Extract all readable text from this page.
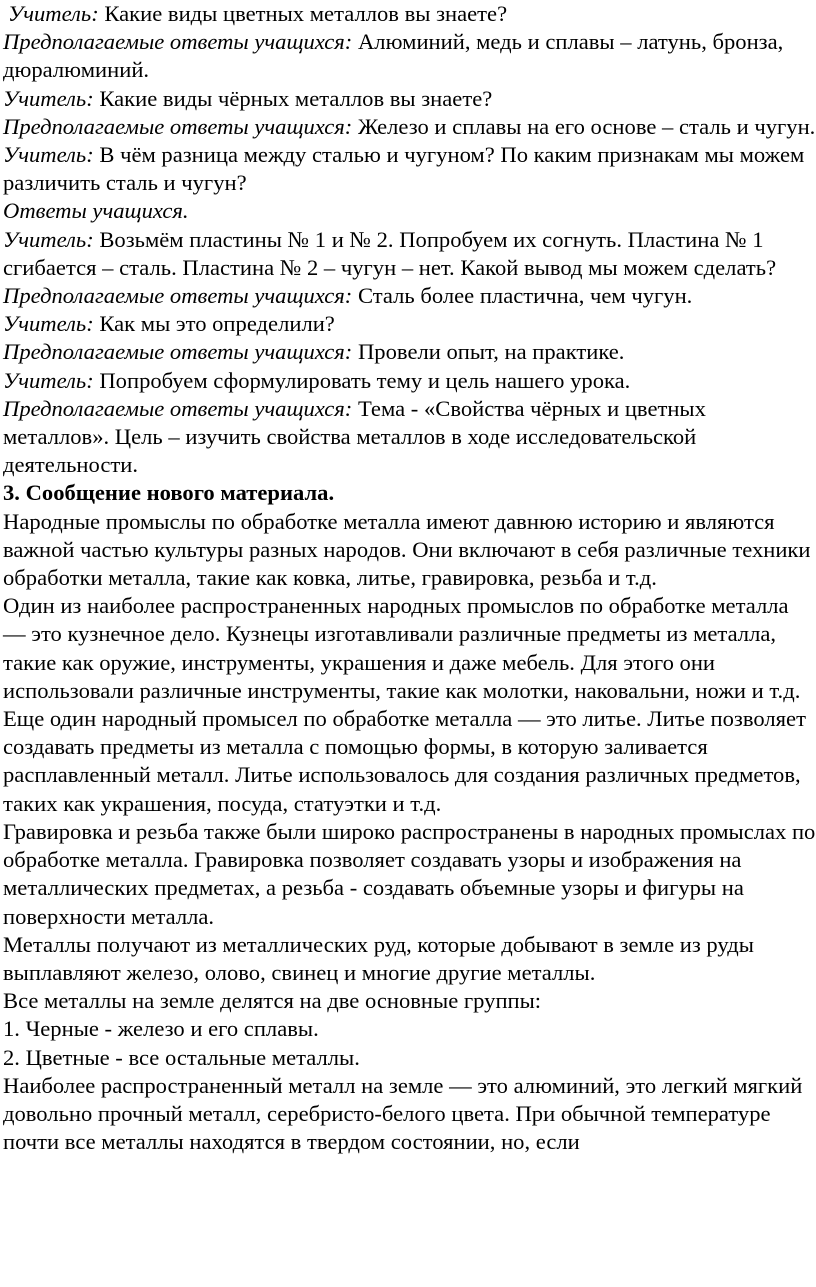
Учитель: Какие виды цветных металлов вы знаете?

Предполагаемые ответы учащихся: Алюминий, медь и сплавы – латунь, бронза, дюралюминий.

Учитель: Какие виды чёрных металлов вы знаете?

Предполагаемые ответы учащихся: Железо и сплавы на его основе – сталь и чугун.

Учитель: В чём разница между сталью и чугуном? По каким признакам мы можем различить сталь и чугун?

Ответы учащихся.

Учитель: Возьмём пластины № 1 и № 2. Попробуем их согнуть. Пластина № 1 сгибается – сталь. Пластина № 2 – чугун – нет. Какой вывод мы можем сделать?

Предполагаемые ответы учащихся: Сталь более пластична, чем чугун.

Учитель: Как мы это определили?

Предполагаемые ответы учащихся: Провели опыт, на практике.

Учитель: Попробуем сформулировать тему и цель нашего урока.

Предполагаемые ответы учащихся: Тема - «Свойства чёрных и цветных металлов». Цель – изучить свойства металлов в ходе исследовательской деятельности.

3. Сообщение нового материала.

Народные промыслы по обработке металла имеют давнюю историю и являются важной частью культуры разных народов. Они включают в себя различные техники обработки металла, такие как ковка, литье, гравировка, резьба и т.д.

Один из наиболее распространенных народных промыслов по обработке металла — это кузнечное дело. Кузнецы изготавливали различные предметы из металла, такие как оружие, инструменты, украшения и даже мебель. Для этого они использовали различные инструменты, такие как молотки, наковальни, ножи и т.д.

Еще один народный промысел по обработке металла — это литье. Литье позволяет создавать предметы из металла с помощью формы, в которую заливается расплавленный металл. Литье использовалось для создания различных предметов, таких как украшения, посуда, статуэтки и т.д.

Гравировка и резьба также были широко распространены в народных промыслах по обработке металла. Гравировка позволяет создавать узоры и изображения на металлических предметах, а резьба - создавать объемные узоры и фигуры на поверхности металла.

Металлы получают из металлических руд, которые добывают в земле из руды выплавляют железо, олово, свинец и многие другие металлы.

Все металлы на земле делятся на две основные группы:

1. Черные - железо и его сплавы.

2. Цветные - все остальные металлы.

Наиболее распространенный металл на земле — это алюминий, это легкий мягкий довольно прочный металл, серебристо-белого цвета. При обычной температуре почти все металлы находятся в твердом состоянии, но, если
